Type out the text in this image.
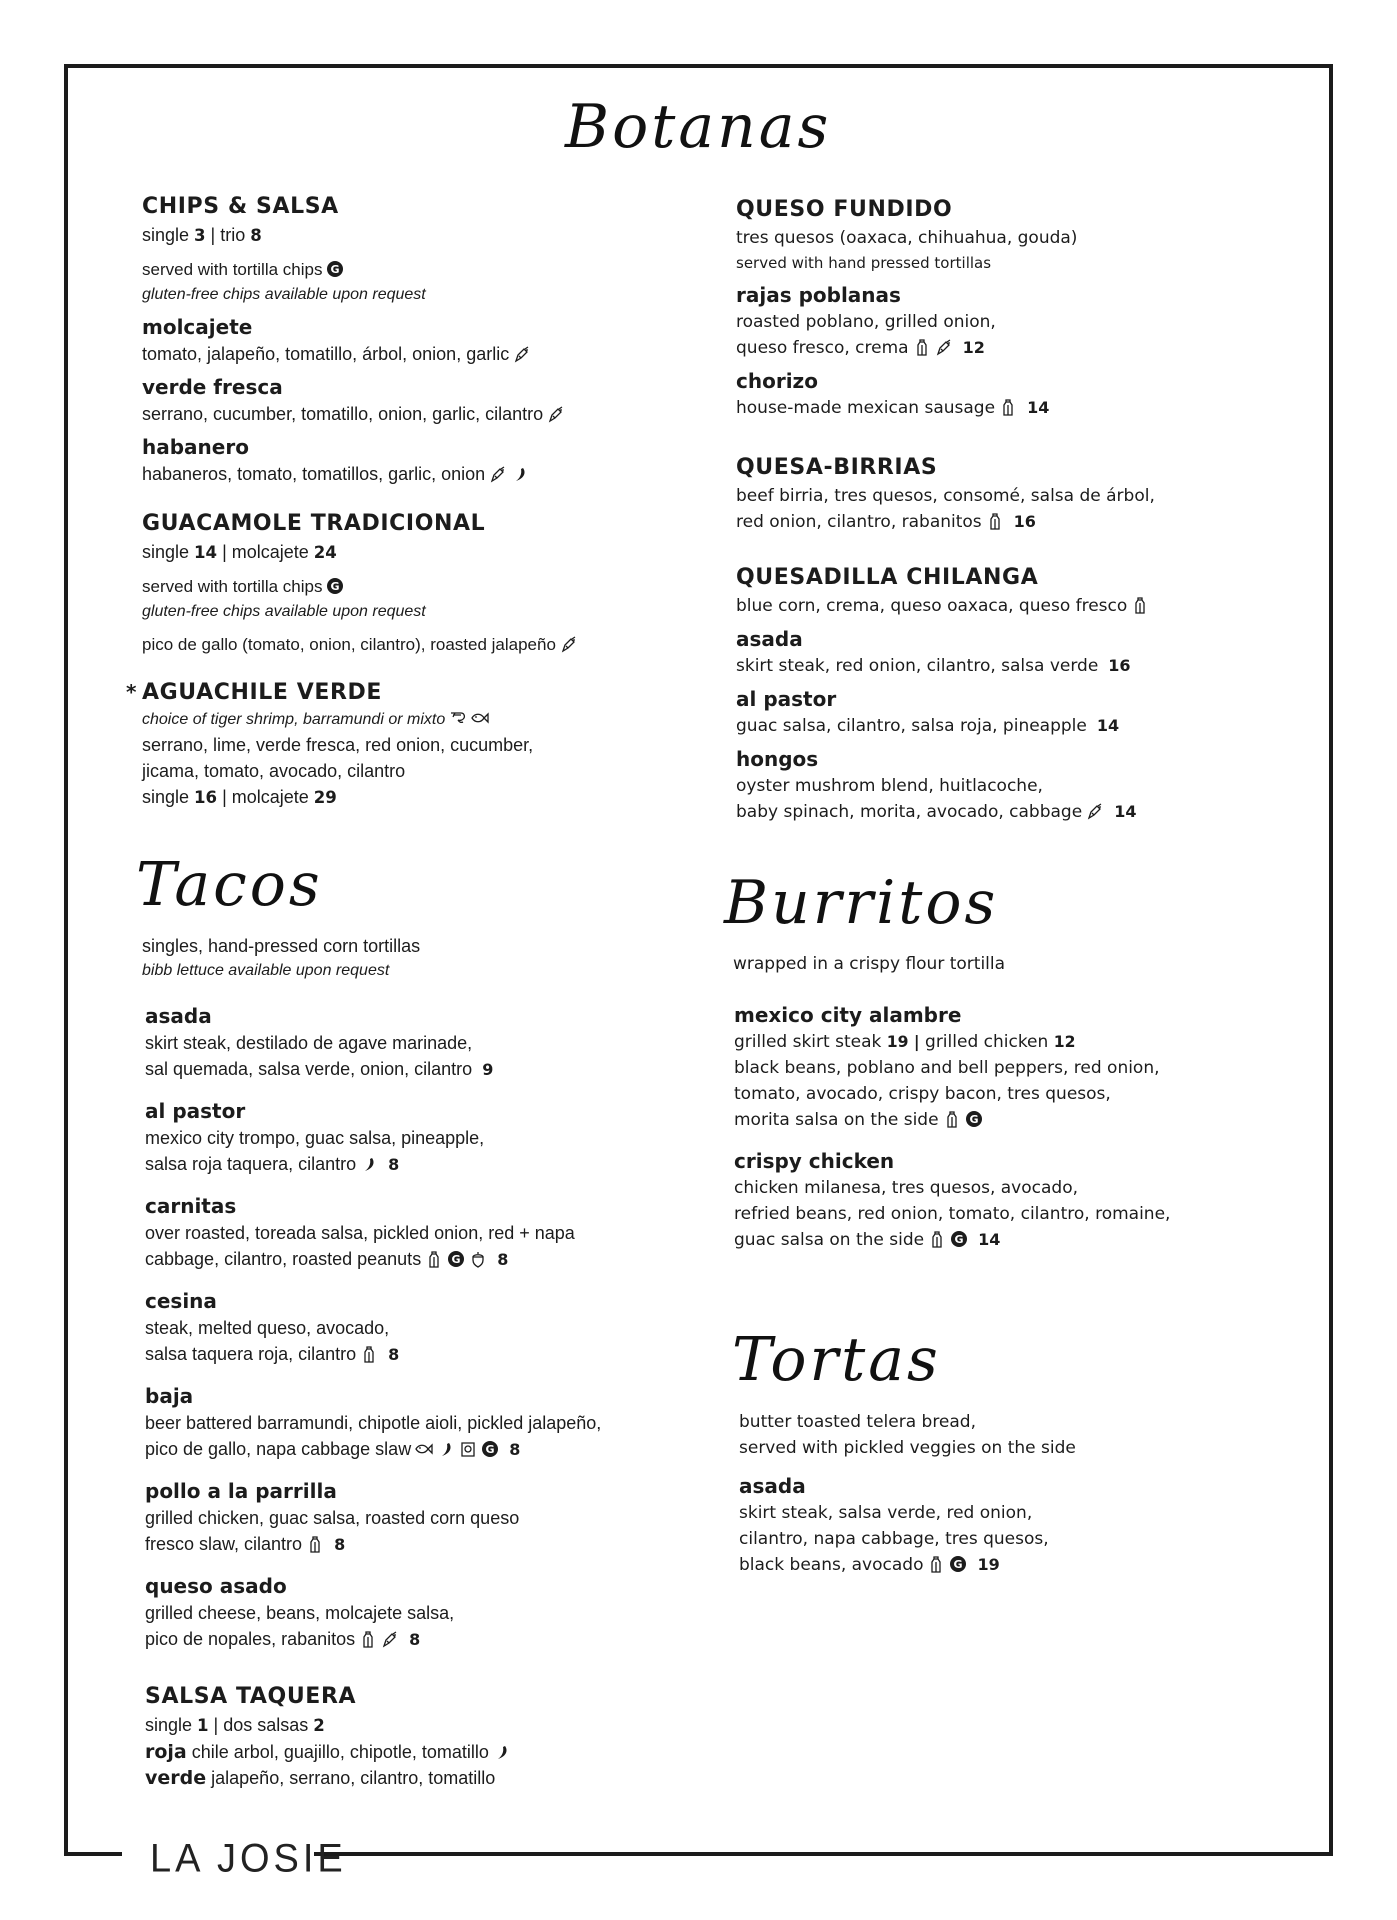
LA JOSIE
Botanas
Tacos	Burritos
Tortas
CHIPS & SALSA
single 3 | trio 8
served with tortilla chips G
gluten-free chips available upon request
molcajete
tomato, jalapeño, tomatillo, árbol, onion, garlic
verde fresca
serrano, cucumber, tomatillo, onion, garlic, cilantro
habanero
habaneros, tomato, tomatillos, garlic, onion
GUACAMOLE TRADICIONAL
single 14 | molcajete 24
served with tortilla chips G
gluten-free chips available upon request
pico de gallo (tomato, onion, cilantro), roasted jalapeño
* AGUACHILE VERDE
choice of tiger shrimp, barramundi or mixto
serrano, lime, verde fresca, red onion, cucumber,
jicama, tomato, avocado, cilantro
single 16 | molcajete 29
singles, hand-pressed corn tortillas
bibb lettuce available upon request
asada
skirt steak, destilado de agave marinade,
sal quemada, salsa verde, onion, cilantro 9
al pastor
mexico city trompo, guac salsa, pineapple,
salsa roja taquera, cilantro 8
carnitas
over roasted, toreada salsa, pickled onion, red + napa
cabbage, cilantro, roasted peanuts	G 8
cesina
steak, melted queso, avocado,
salsa taquera roja, cilantro 8
baja
beer battered barramundi, chipotle aioli, pickled jalapeño,
pico de gallo, napa cabbage slaw	G 8
pollo a la parrilla
grilled chicken, guac salsa, roasted corn queso
fresco slaw, cilantro 8
queso asado
grilled cheese, beans, molcajete salsa,
pico de nopales, rabanitos	8
SALSA TAQUERA
single 1 | dos salsas 2
roja chile arbol, guajillo, chipotle, tomatillo
verde jalapeño, serrano, cilantro, tomatillo
QUESO FUNDIDO
tres quesos (oaxaca, chihuahua, gouda)
served with hand pressed tortillas
rajas poblanas
roasted poblano, grilled onion,
queso fresco, crema	12
chorizo
house-made mexican sausage 14
QUESA-BIRRIAS
beef birria, tres quesos, consomé, salsa de árbol,
red onion, cilantro, rabanitos 16
QUESADILLA CHILANGA
blue corn, crema, queso oaxaca, queso fresco
asada
skirt steak, red onion, cilantro, salsa verde 16
al pastor
guac salsa, cilantro, salsa roja, pineapple 14
hongos
oyster mushrom blend, huitlacoche,
baby spinach, morita, avocado, cabbage 14
wrapped in a crispy flour tortilla
mexico city alambre
grilled skirt steak 19 | grilled chicken 12
black beans, poblano and bell peppers, red onion,
tomato, avocado, crispy bacon, tres quesos,
morita salsa on the side	G
crispy chicken
chicken milanesa, tres quesos, avocado,
refried beans, red onion, tomato, cilantro, romaine,
guac salsa on the side	G 14
butter toasted telera bread,
served with pickled veggies on the side
asada
skirt steak, salsa verde, red onion,
cilantro, napa cabbage, tres quesos,
black beans, avocado	G 19
